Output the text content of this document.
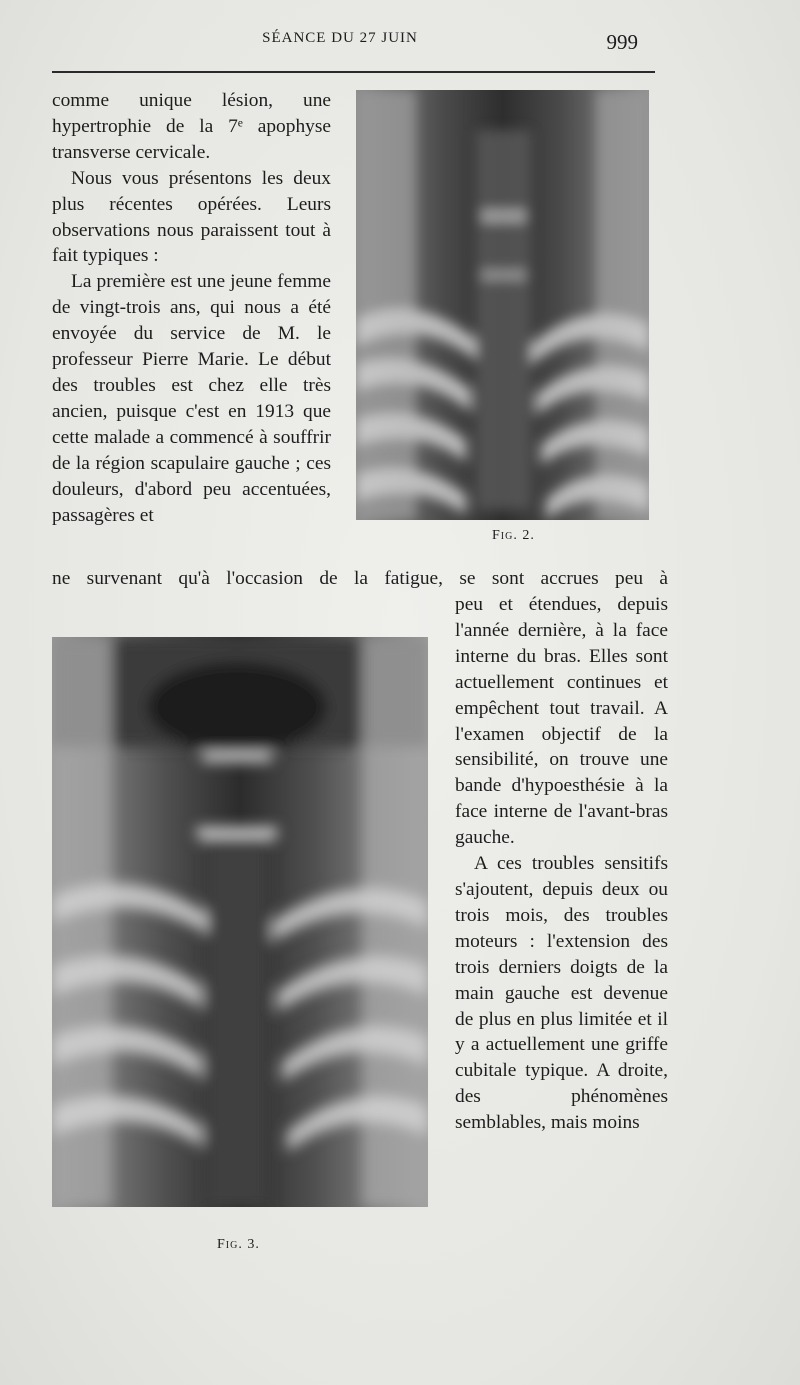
SÉANCE DU 27 JUIN	999

comme unique lésion, une hypertrophie de la 7ᵉ apophyse transverse cervicale.

Nous vous présentons les deux plus récentes opérées. Leurs observations nous paraissent tout à fait typiques :

La première est une jeune femme de vingt-trois ans, qui nous a été envoyée du service de M. le professeur Pierre Marie. Le début des troubles est chez elle très ancien, puisque c'est en 1913 que cette malade a commencé à souffrir de la région scapulaire gauche ; ces douleurs, d'abord peu accentuées, passagères et

ne survenant qu'à l'occasion de la fatigue, se sont accrues peu à

peu et étendues, depuis l'année dernière, à la face interne du bras. Elles sont actuellement continues et empêchent tout travail. A l'examen objectif de la sensibilité, on trouve une bande d'hypoesthésie à la face interne de l'avant-bras gauche.

A ces troubles sensitifs s'ajoutent, depuis deux ou trois mois, des troubles moteurs : l'extension des trois derniers doigts de la main gauche est devenue de plus en plus limitée et il y a actuellement une griffe cubitale typique. A droite, des phénomènes semblables, mais moins

Fig. 2.
Fig. 3.
